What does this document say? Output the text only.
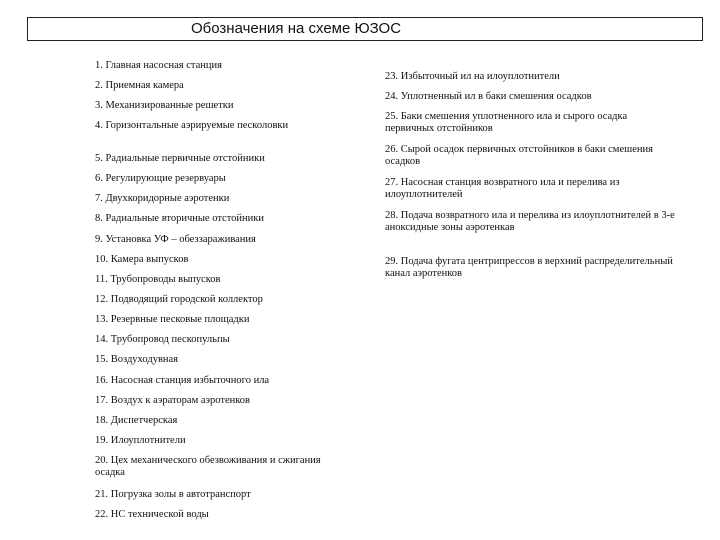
Обозначения на схеме ЮЗОС
1. Главная насосная станция
2. Приемная камера
3. Механизированные решетки
4. Горизонтальные аэрируемые песколовки
5. Радиальные первичные отстойники
6. Регулирующие резервуары
7. Двухкоридорные аэротенки
8. Радиальные вторичные отстойники
9. Установка УФ – обеззараживания
10. Камера выпусков
11. Трубопроводы выпусков
12. Подводящий городской коллектор
13. Резервные песковые площадки
14. Трубопровод пескопульпы
15. Воздуходувная
16. Насосная станция избыточного ила
17. Воздух к аэраторам аэротенков
18. Диспетчерская
19. Илоуплотнители
20. Цех механического обезвоживания и сжигания осадка
21. Погрузка золы в автотранспорт
22. НС технической воды
23. Избыточный ил на илоуплотнители
24. Уплотненный ил в баки смешения осадков
25. Баки смешения уплотненного ила и сырого осадка первичных отстойников
26. Сырой осадок первичных отстойников в баки смешения осадков
27. Насосная станция возвратного ила и перелива из илоуплотнителей
28. Подача возвратного ила и перелива из илоуплотнителей в 3-е аноксидные зоны аэротенкав
29. Подача фугата центрипрессов в верхний распределительный канал аэротенков
